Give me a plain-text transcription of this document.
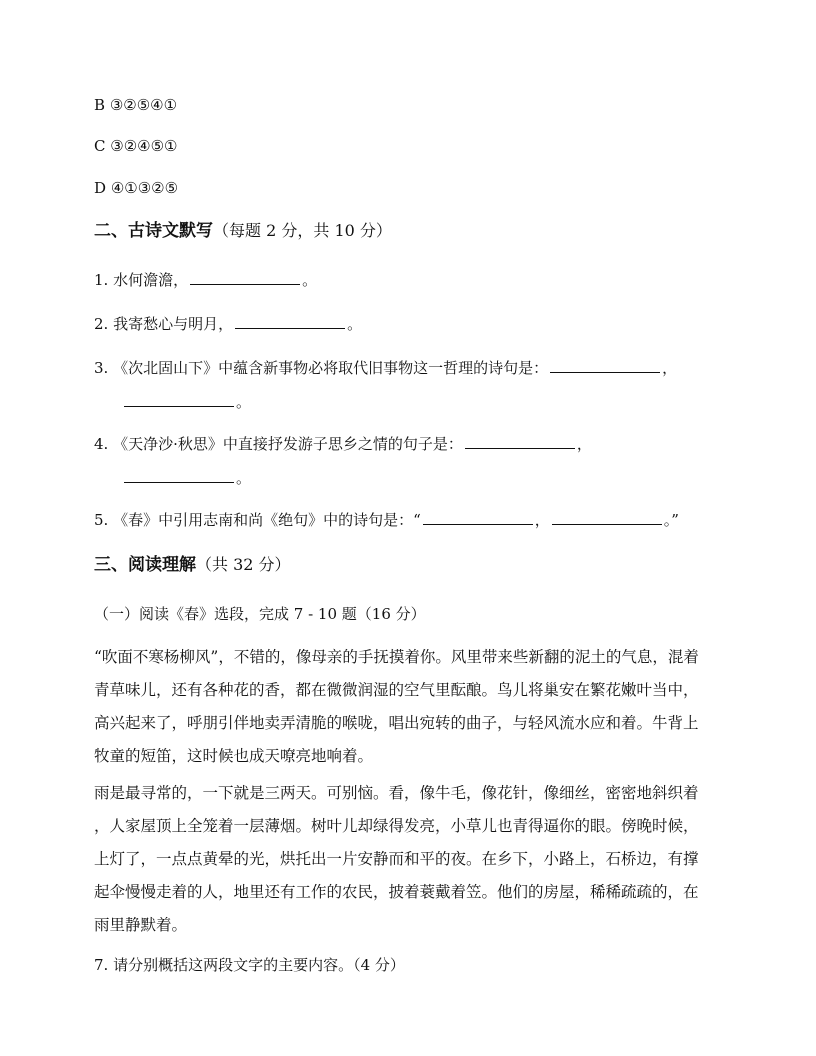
B ③②⑤④①
C ③②④⑤①
D ④①③②⑤
二、古诗文默写（每题 2 分，共 10 分）
1. 水何澹澹，	。
2. 我寄愁心与明月，	。
3. 《次北固山下》中蕴含新事物必将取代旧事物这一哲理的诗句是：	，
。
4. 《天净沙·秋思》中直接抒发游子思乡之情的句子是：	，
。
5. 《春》中引用志南和尚《绝句》中的诗句是：“	，	。”
三、阅读理解（共 32 分）
（一）阅读《春》选段，完成 7 - 10 题（16 分）
“吹面不寒杨柳风”，不错的，像母亲的手抚摸着你。风里带来些新翻的泥土的气息，混着
青草味儿，还有各种花的香，都在微微润湿的空气里酝酿。鸟儿将巢安在繁花嫩叶当中，
高兴起来了，呼朋引伴地卖弄清脆的喉咙，唱出宛转的曲子，与轻风流水应和着。牛背上
牧童的短笛，这时候也成天嘹亮地响着。
雨是最寻常的，一下就是三两天。可别恼。看，像牛毛，像花针，像细丝，密密地斜织着
，人家屋顶上全笼着一层薄烟。树叶儿却绿得发亮，小草儿也青得逼你的眼。傍晚时候，
上灯了，一点点黄晕的光，烘托出一片安静而和平的夜。在乡下，小路上，石桥边，有撑
起伞慢慢走着的人，地里还有工作的农民，披着蓑戴着笠。他们的房屋，稀稀疏疏的，在
雨里静默着。
7. 请分别概括这两段文字的主要内容。（4 分）
